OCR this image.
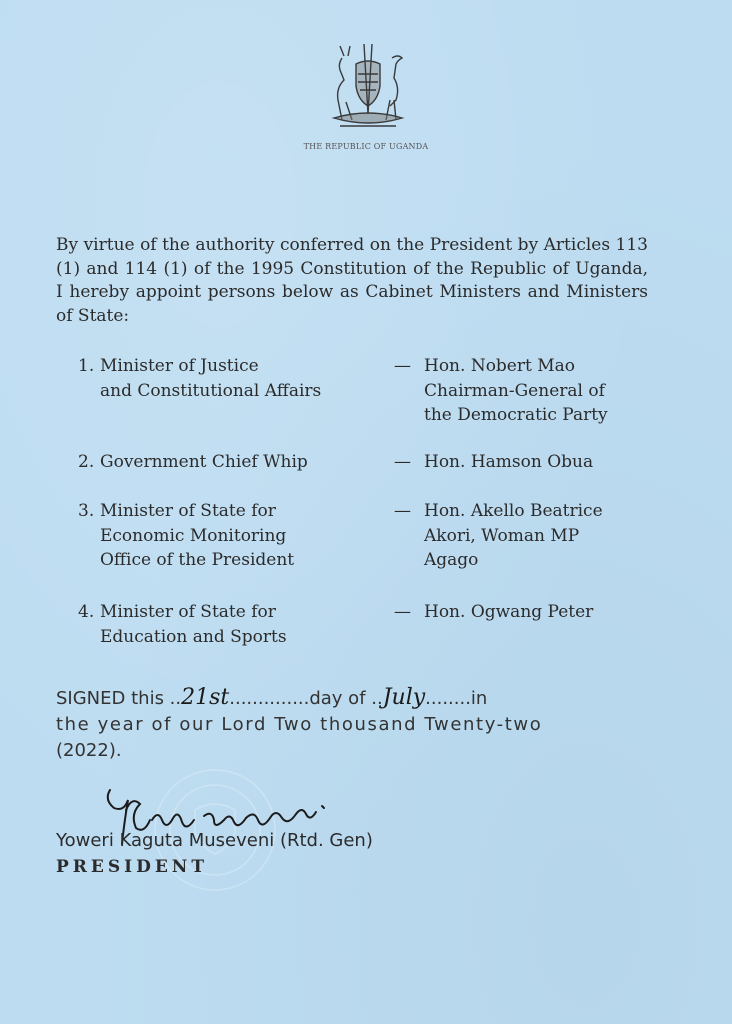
THE REPUBLIC OF UGANDA
By virtue of the authority conferred on the President by Articles 113 (1) and 114 (1) of the 1995 Constitution of the Republic of Uganda, I hereby appoint persons below as Cabinet Ministers and Ministers of State:
1. Minister of Justice
and Constitutional Affairs
— Hon. Nobert Mao
Chairman-General of
the Democratic Party
2. Government Chief Whip	— Hon. Hamson Obua
3. Minister of State for
Economic Monitoring
Office of the President
— Hon. Akello Beatrice
Akori, Woman MP
Agago
4. Minister of State for
Education and Sports
— Hon. Ogwang Peter
SIGNED this ..21st..............day of ..July........in
the year of our Lord Two thousand Twenty-two
(2022).
Yoweri Kaguta Museveni (Rtd. Gen)
PRESIDENT
